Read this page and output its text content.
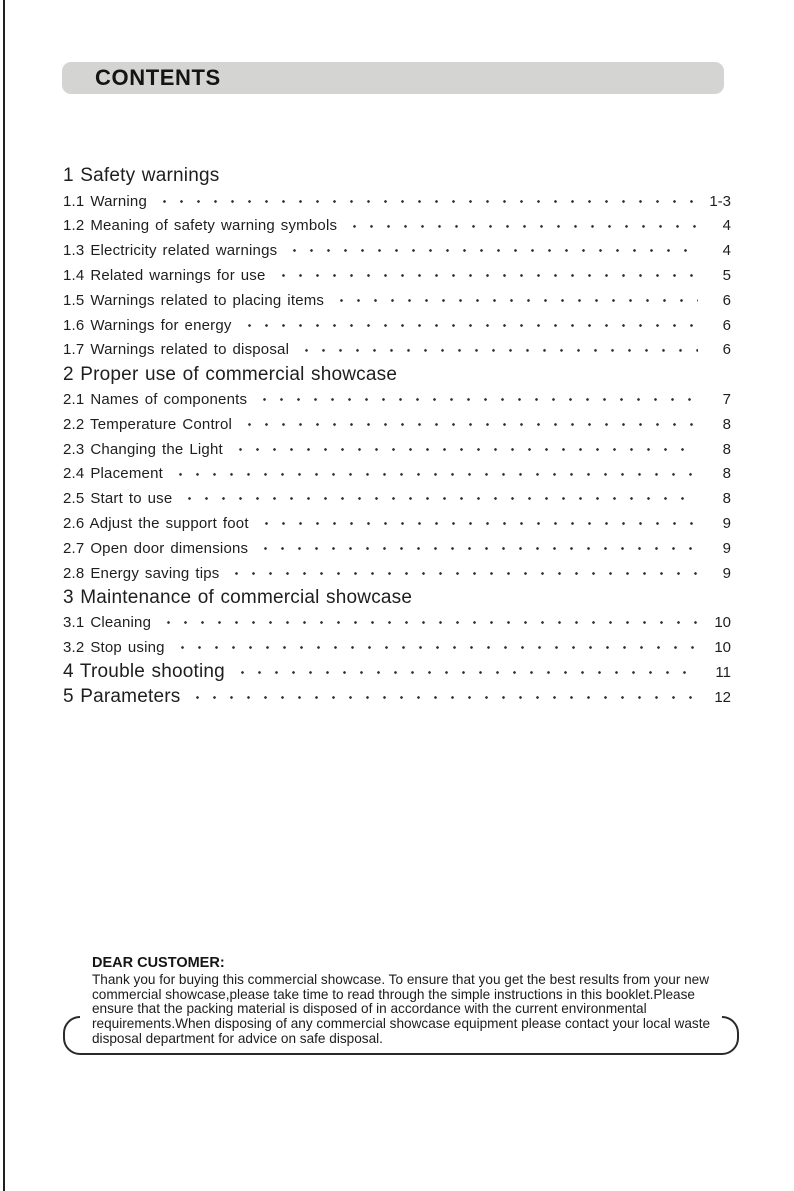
CONTENTS
1 Safety warnings
1.1 Warning	1-3
1.2 Meaning of safety warning symbols	4
1.3 Electricity related warnings	4
1.4 Related warnings for use	5
1.5 Warnings related to placing items	6
1.6 Warnings for energy	6
1.7 Warnings related to disposal	6
2 Proper use of commercial showcase
2.1 Names of components	7
2.2 Temperature Control	8
2.3 Changing the Light	8
2.4 Placement	8
2.5 Start to use	8
2.6 Adjust the support foot	9
2.7 Open door dimensions	9
2.8 Energy saving tips	9
3 Maintenance of commercial showcase
3.1 Cleaning	10
3.2 Stop using	10
4 Trouble shooting	11
5 Parameters	12

DEAR CUSTOMER:

Thank you for buying this commercial showcase. To ensure that you get the best results from your new commercial showcase,please take time to read through the simple instructions in this booklet.Please ensure that the packing material is disposed of in accordance with the current environmental requirements.When disposing of any commercial showcase equipment please contact your local waste disposal department for advice on safe disposal.
